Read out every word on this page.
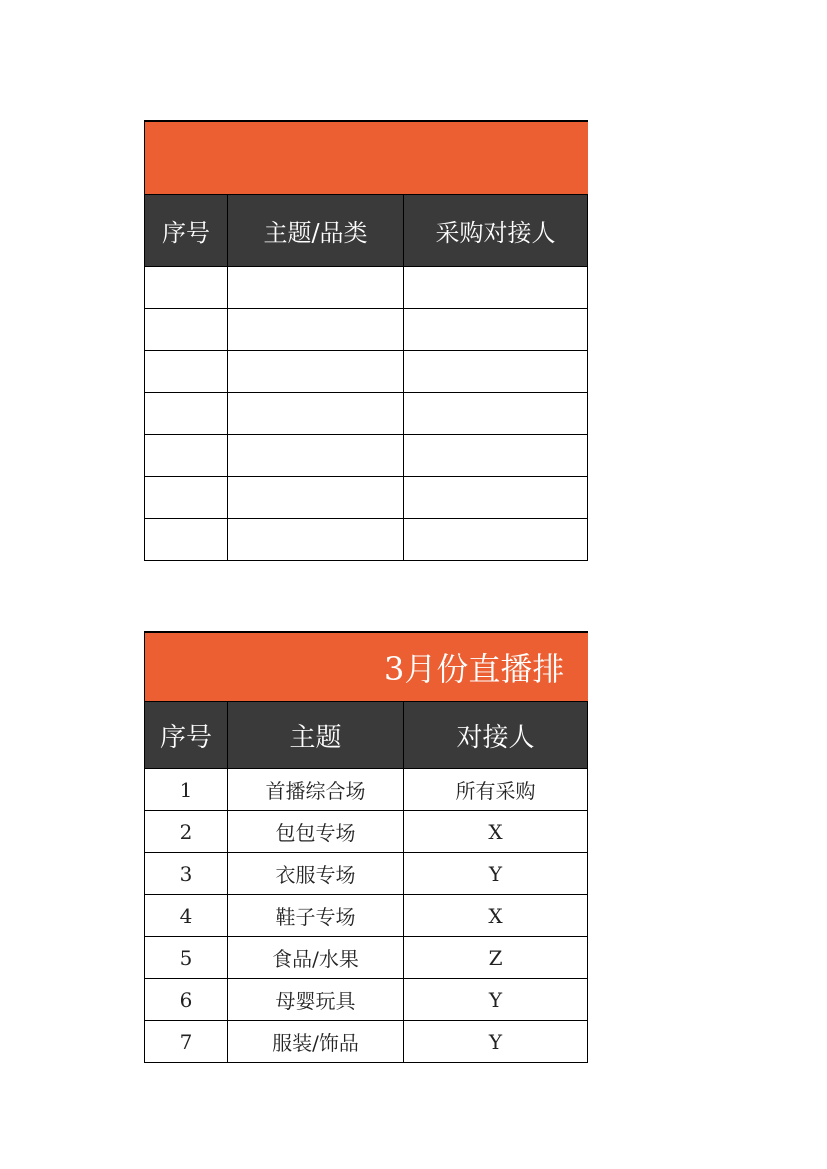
序号	主题/品类	采购对接人

3月份直播排		

序号	主题	对接人
1	首播综合场	所有采购
2	包包专场	X
3	衣服专场	Y
4	鞋子专场	X
5	食品/水果	Z
6	母婴玩具	Y
7	服装/饰品	Y
